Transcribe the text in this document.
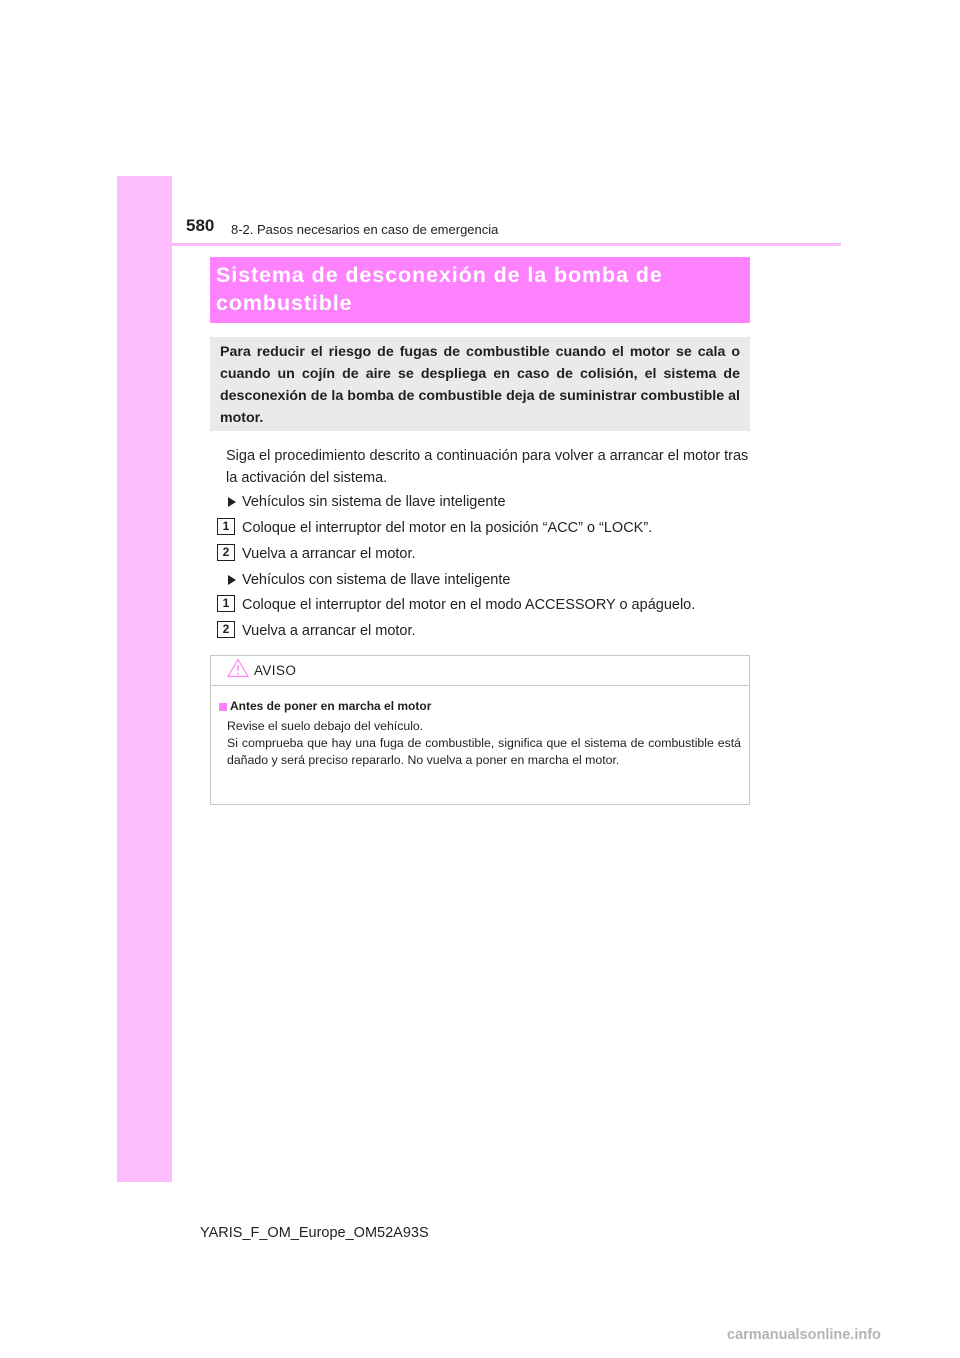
580 8-2. Pasos necesarios en caso de emergencia
Sistema de desconexión de la bomba de combustible
Para reducir el riesgo de fugas de combustible cuando el motor se cala o cuando un cojín de aire se despliega en caso de colisión, el sistema de desconexión de la bomba de combustible deja de suministrar combustible al motor.
Siga el procedimiento descrito a continuación para volver a arrancar el motor tras la activación del sistema.
Vehículos sin sistema de llave inteligente
1 Coloque el interruptor del motor en la posición “ACC” o “LOCK”.
2 Vuelva a arrancar el motor.
Vehículos con sistema de llave inteligente
1 Coloque el interruptor del motor en el modo ACCESSORY o apáguelo.
2 Vuelva a arrancar el motor.
AVISO
Antes de poner en marcha el motor
Revise el suelo debajo del vehículo.
Si comprueba que hay una fuga de combustible, significa que el sistema de combustible está dañado y será preciso repararlo. No vuelva a poner en marcha el motor.
YARIS_F_OM_Europe_OM52A93S
carmanualsonline.info
